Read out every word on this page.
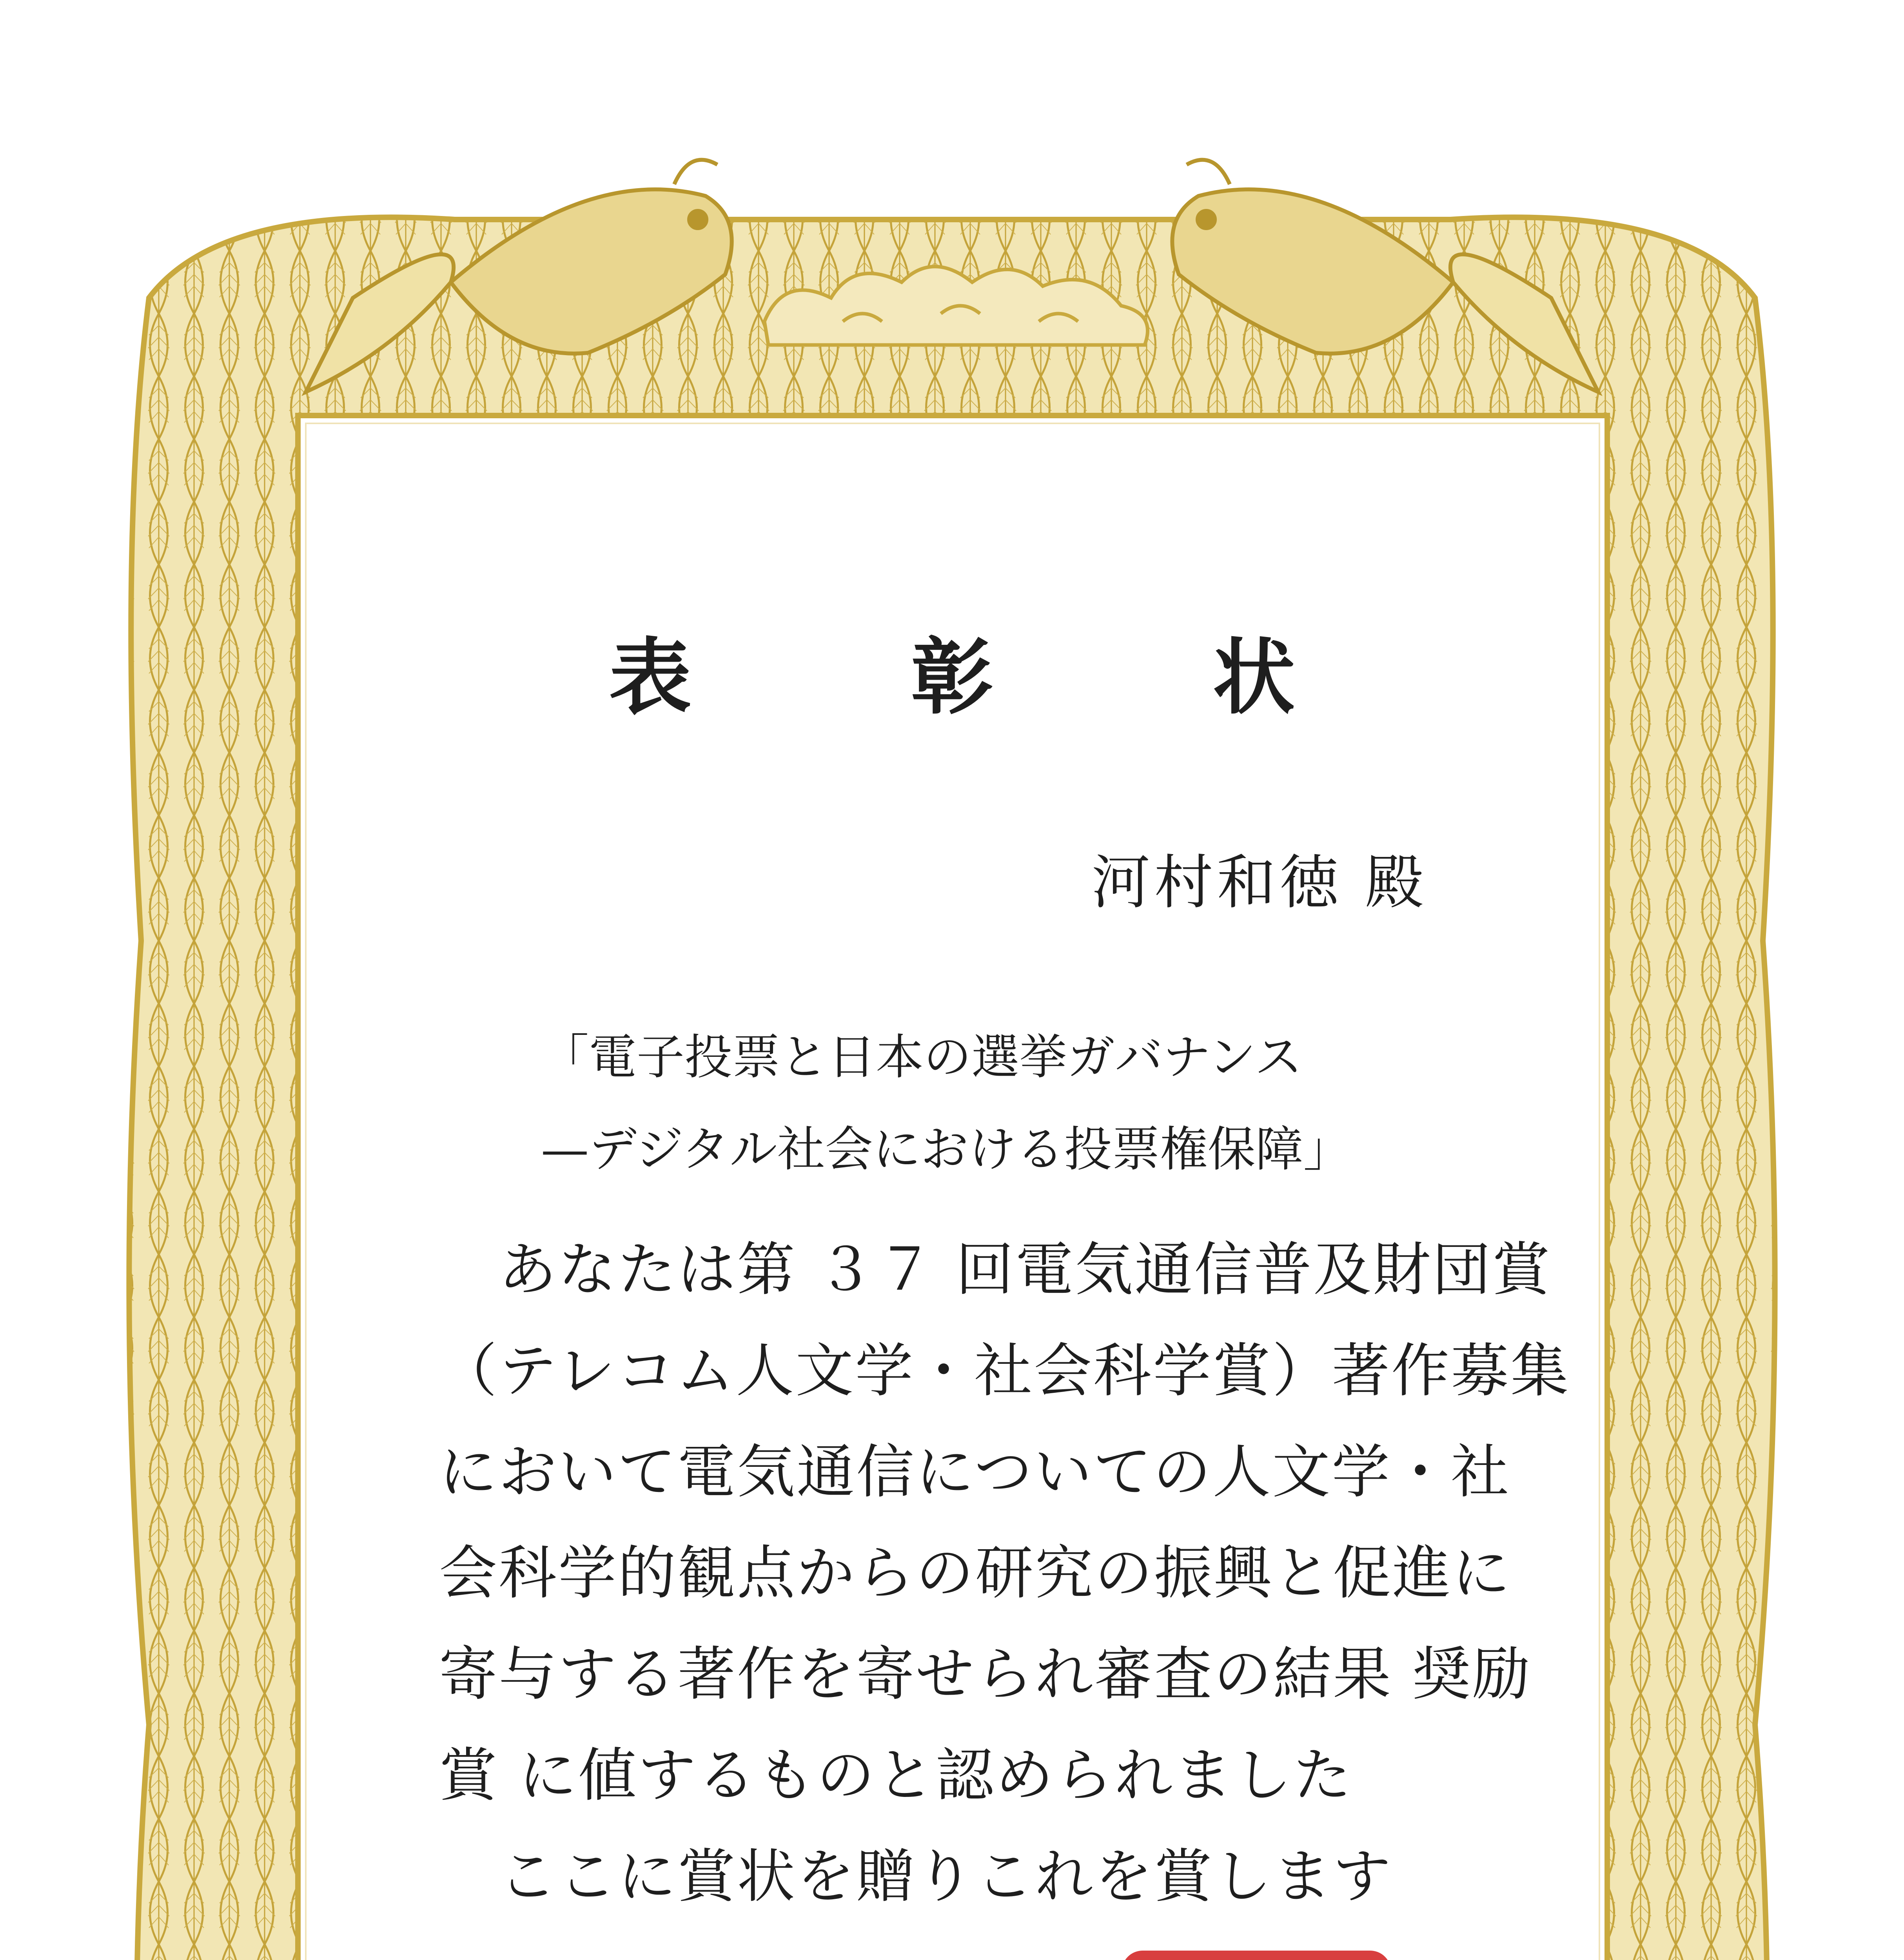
表彰状
河村和徳 殿
「電子投票と日本の選挙ガバナンス
—デジタル社会における投票権保障」
　あなたは第 ３７ 回電気通信普及財団賞
（テレコム人文学・社会科学賞）著作募集
において電気通信についての人文学・社
会科学的観点からの研究の振興と促進に
寄与する著作を寄せられ審査の結果 奨励
賞 に値するものと認められました
　ここに賞状を贈りこれを賞します
